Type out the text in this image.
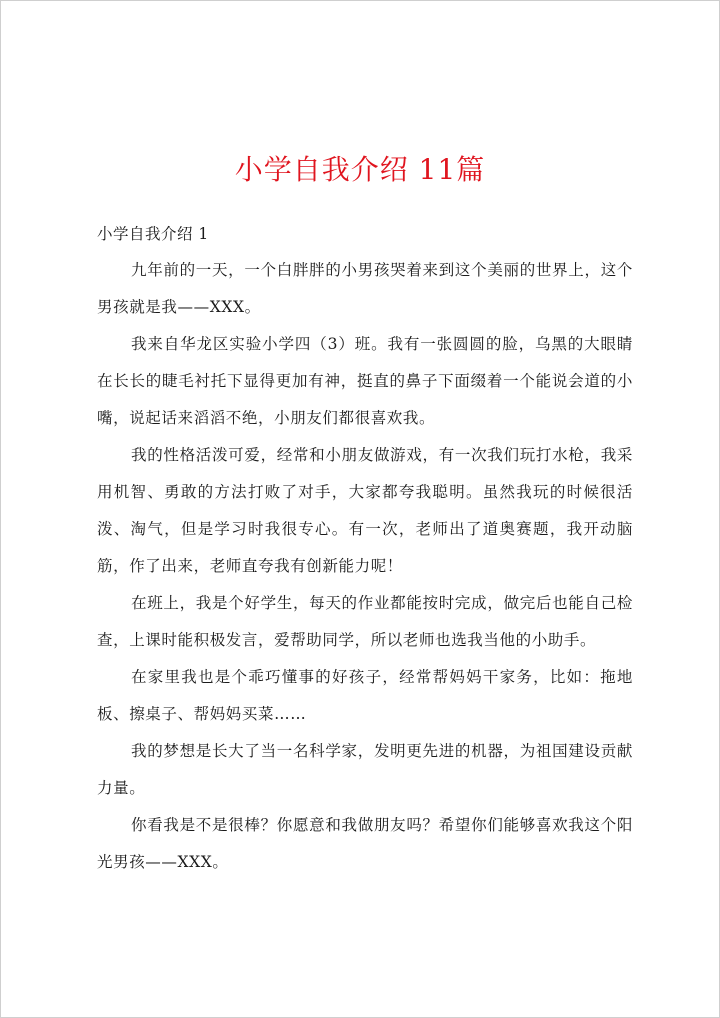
小学自我介绍 11篇

小学自我介绍 1

九年前的一天，一个白胖胖的小男孩哭着来到这个美丽的世界上，这个男孩就是我——XXX。

我来自华龙区实验小学四（3）班。我有一张圆圆的脸，乌黑的大眼睛在长长的睫毛衬托下显得更加有神，挺直的鼻子下面缀着一个能说会道的小嘴，说起话来滔滔不绝，小朋友们都很喜欢我。

我的性格活泼可爱，经常和小朋友做游戏，有一次我们玩打水枪，我采用机智、勇敢的方法打败了对手，大家都夸我聪明。虽然我玩的时候很活泼、淘气，但是学习时我很专心。有一次，老师出了道奥赛题，我开动脑筋，作了出来，老师直夸我有创新能力呢！

在班上，我是个好学生，每天的作业都能按时完成，做完后也能自己检查，上课时能积极发言，爱帮助同学，所以老师也选我当他的小助手。

在家里我也是个乖巧懂事的好孩子，经常帮妈妈干家务，比如：拖地板、擦桌子、帮妈妈买菜……

我的梦想是长大了当一名科学家，发明更先进的机器，为祖国建设贡献力量。

你看我是不是很棒？你愿意和我做朋友吗？希望你们能够喜欢我这个阳光男孩——XXX。
